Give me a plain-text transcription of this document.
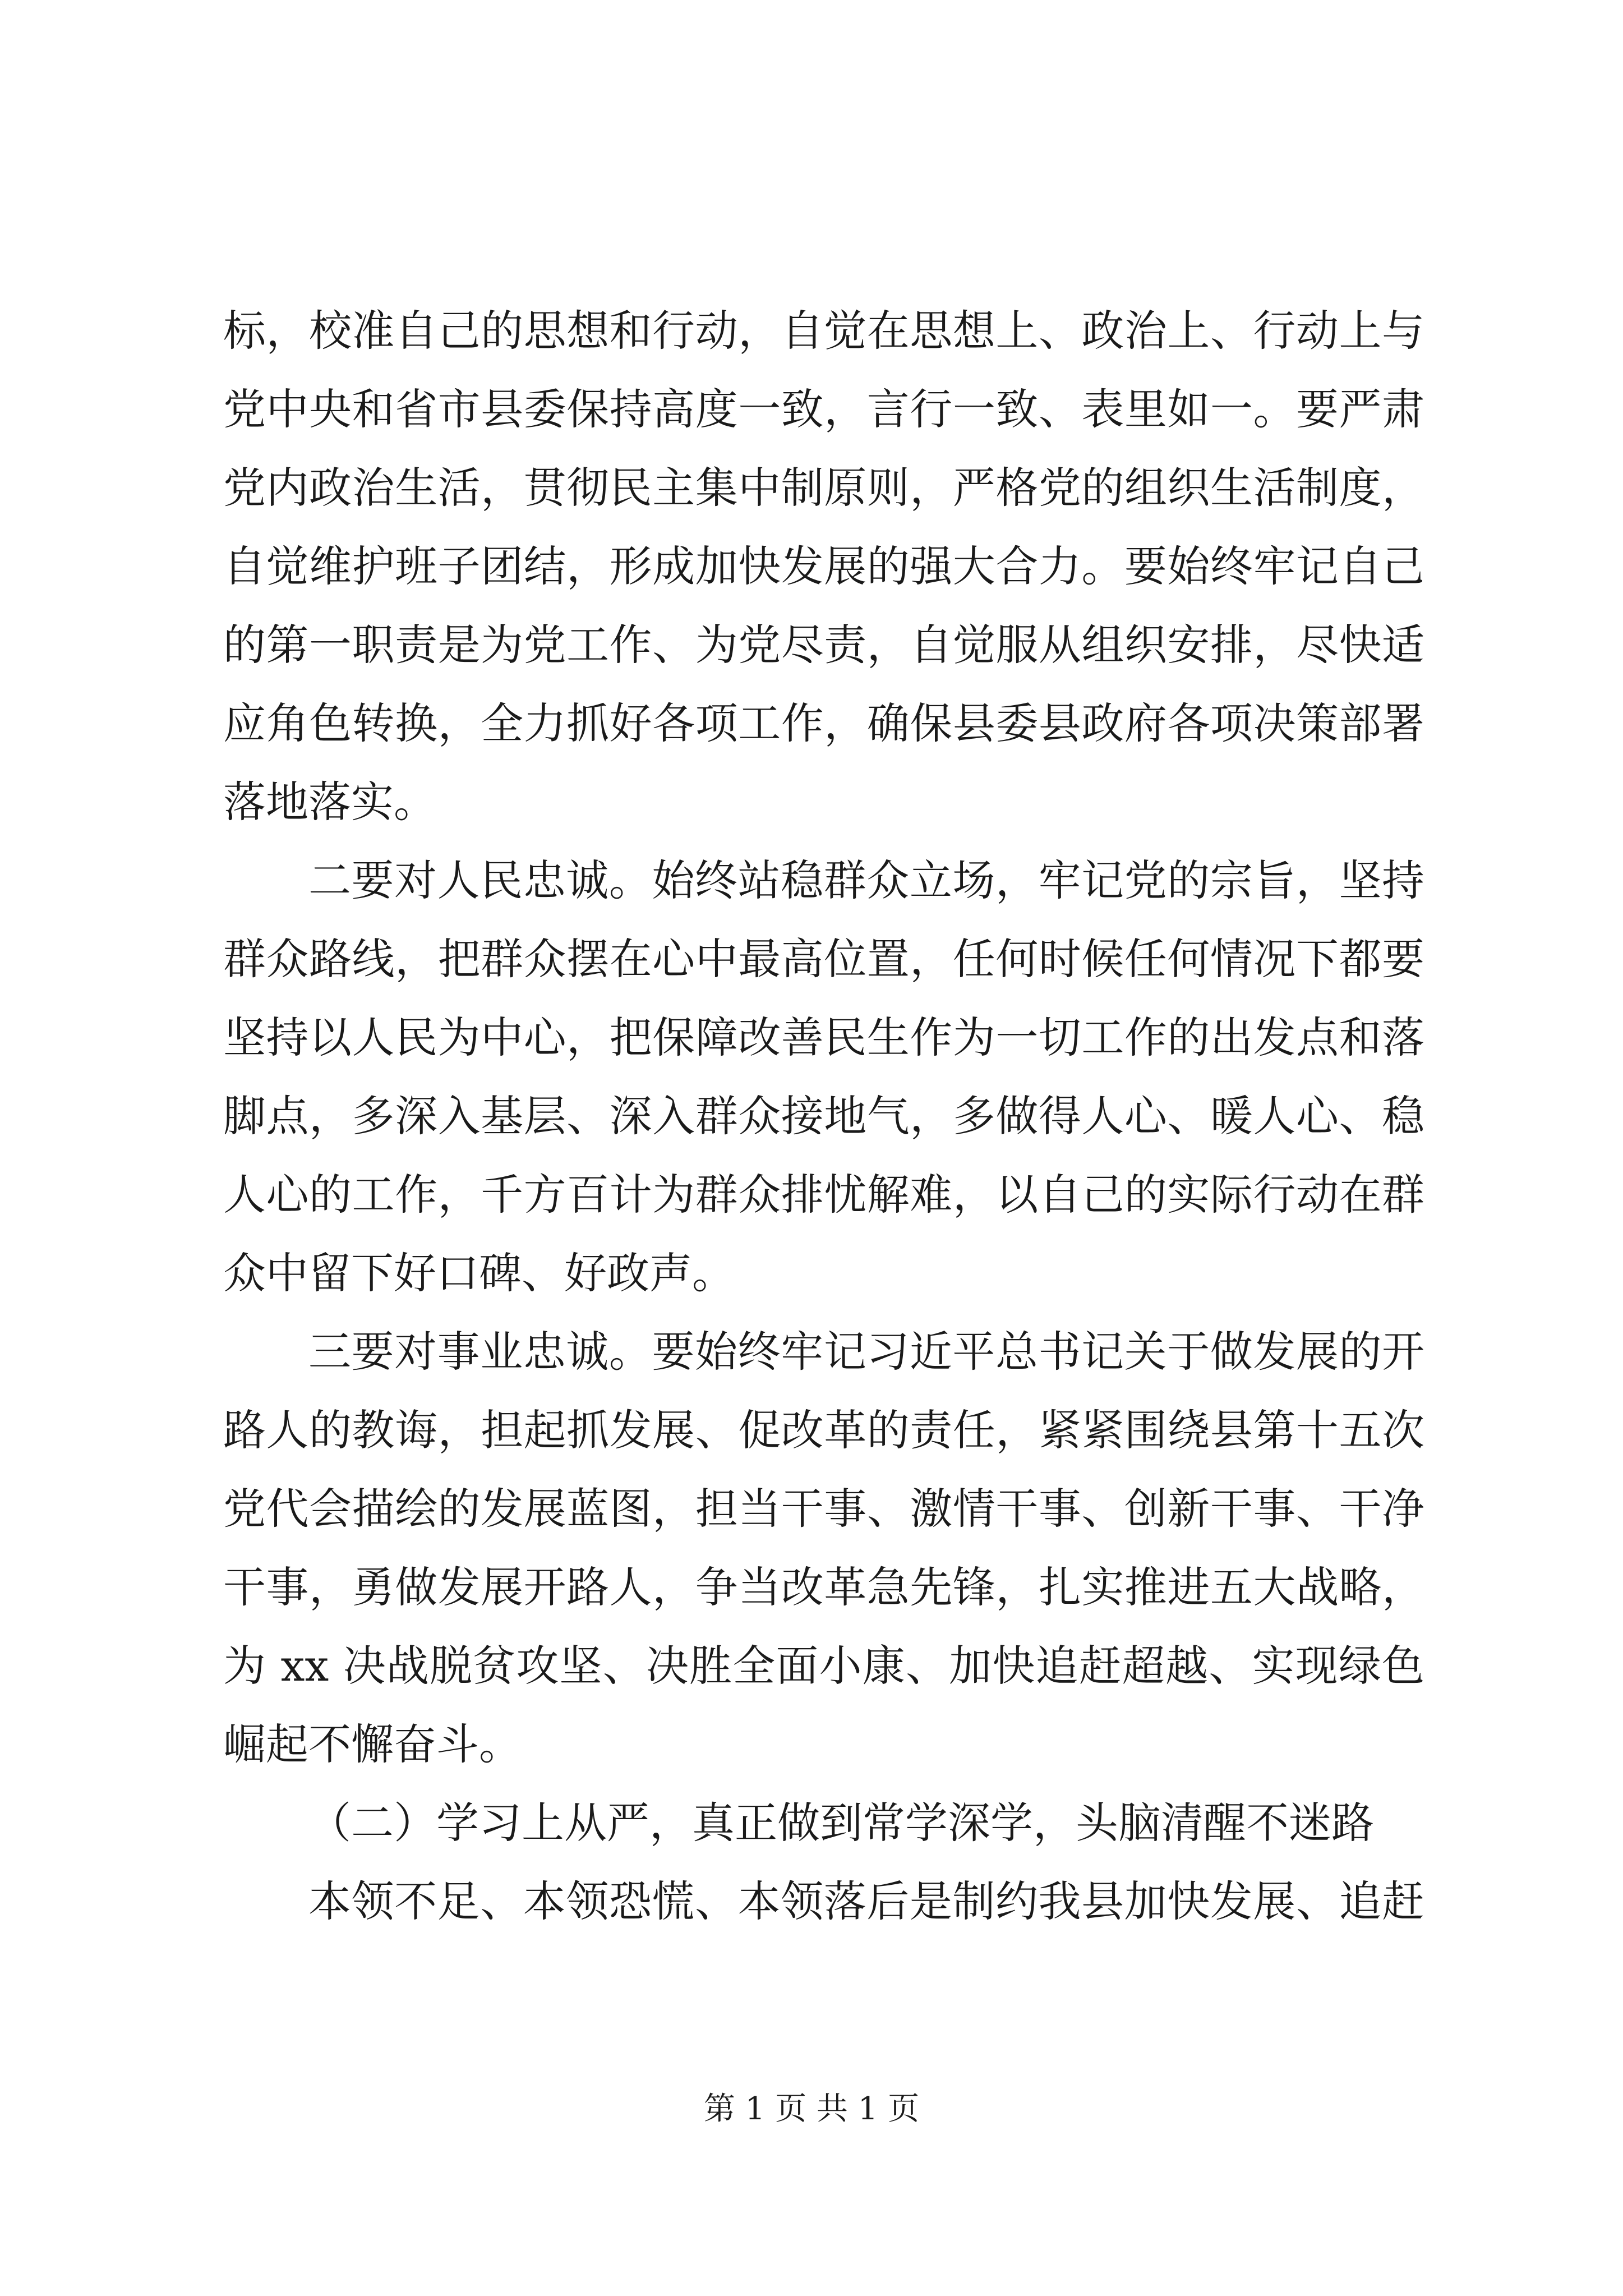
标，校准自己的思想和行动，自觉在思想上、政治上、行动上与
党中央和省市县委保持高度一致，言行一致、表里如一。要严肃
党内政治生活，贯彻民主集中制原则，严格党的组织生活制度，
自觉维护班子团结，形成加快发展的强大合力。要始终牢记自己
的第一职责是为党工作、为党尽责，自觉服从组织安排，尽快适
应角色转换，全力抓好各项工作，确保县委县政府各项决策部署
落地落实。
二要对人民忠诚。始终站稳群众立场，牢记党的宗旨，坚持
群众路线，把群众摆在心中最高位置，任何时候任何情况下都要
坚持以人民为中心，把保障改善民生作为一切工作的出发点和落
脚点，多深入基层、深入群众接地气，多做得人心、暖人心、稳
人心的工作，千方百计为群众排忧解难，以自己的实际行动在群
众中留下好口碑、好政声。
三要对事业忠诚。要始终牢记习近平总书记关于做发展的开
路人的教诲，担起抓发展、促改革的责任，紧紧围绕县第十五次
党代会描绘的发展蓝图，担当干事、激情干事、创新干事、干净
干事，勇做发展开路人，争当改革急先锋，扎实推进五大战略，
为 xx 决战脱贫攻坚、决胜全面小康、加快追赶超越、实现绿色
崛起不懈奋斗。
（二）学习上从严，真正做到常学深学，头脑清醒不迷路
本领不足、本领恐慌、本领落后是制约我县加快发展、追赶
第 1 页 共 1 页
